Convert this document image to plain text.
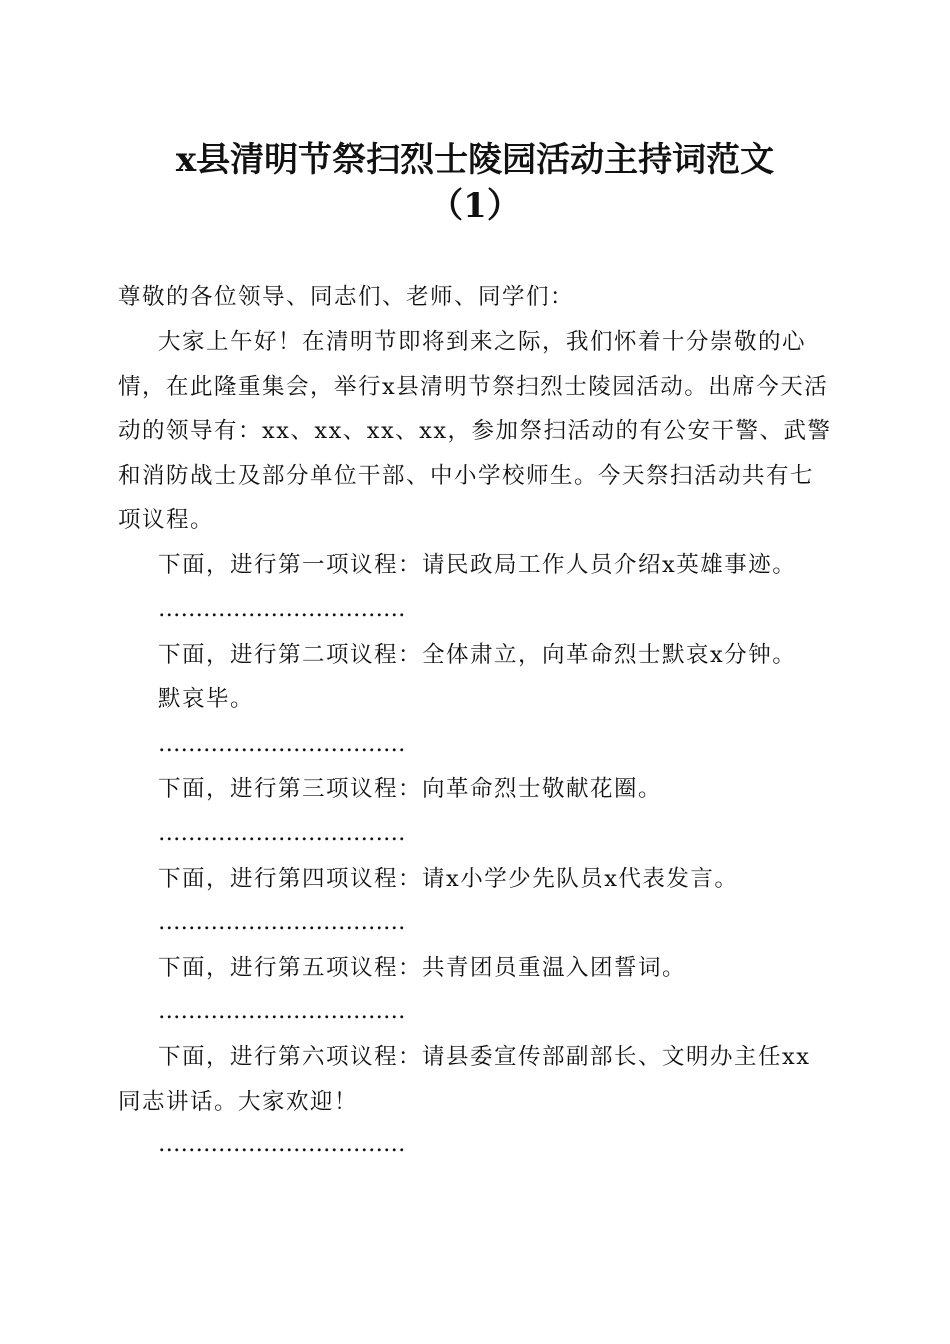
x县清明节祭扫烈士陵园活动主持词范文
（1）

尊敬的各位领导、同志们、老师、同学们：

大家上午好！在清明节即将到来之际，我们怀着十分崇敬的心情，在此隆重集会，举行x县清明节祭扫烈士陵园活动。出席今天活动的领导有：xx、xx、xx、xx，参加祭扫活动的有公安干警、武警和消防战士及部分单位干部、中小学校师生。今天祭扫活动共有七项议程。

下面，进行第一项议程：请民政局工作人员介绍x英雄事迹。

……………………………

下面，进行第二项议程：全体肃立，向革命烈士默哀x分钟。

默哀毕。

……………………………

下面，进行第三项议程：向革命烈士敬献花圈。

……………………………

下面，进行第四项议程：请x小学少先队员x代表发言。

……………………………

下面，进行第五项议程：共青团员重温入团誓词。

……………………………

下面，进行第六项议程：请县委宣传部副部长、文明办主任xx同志讲话。大家欢迎！

……………………………
